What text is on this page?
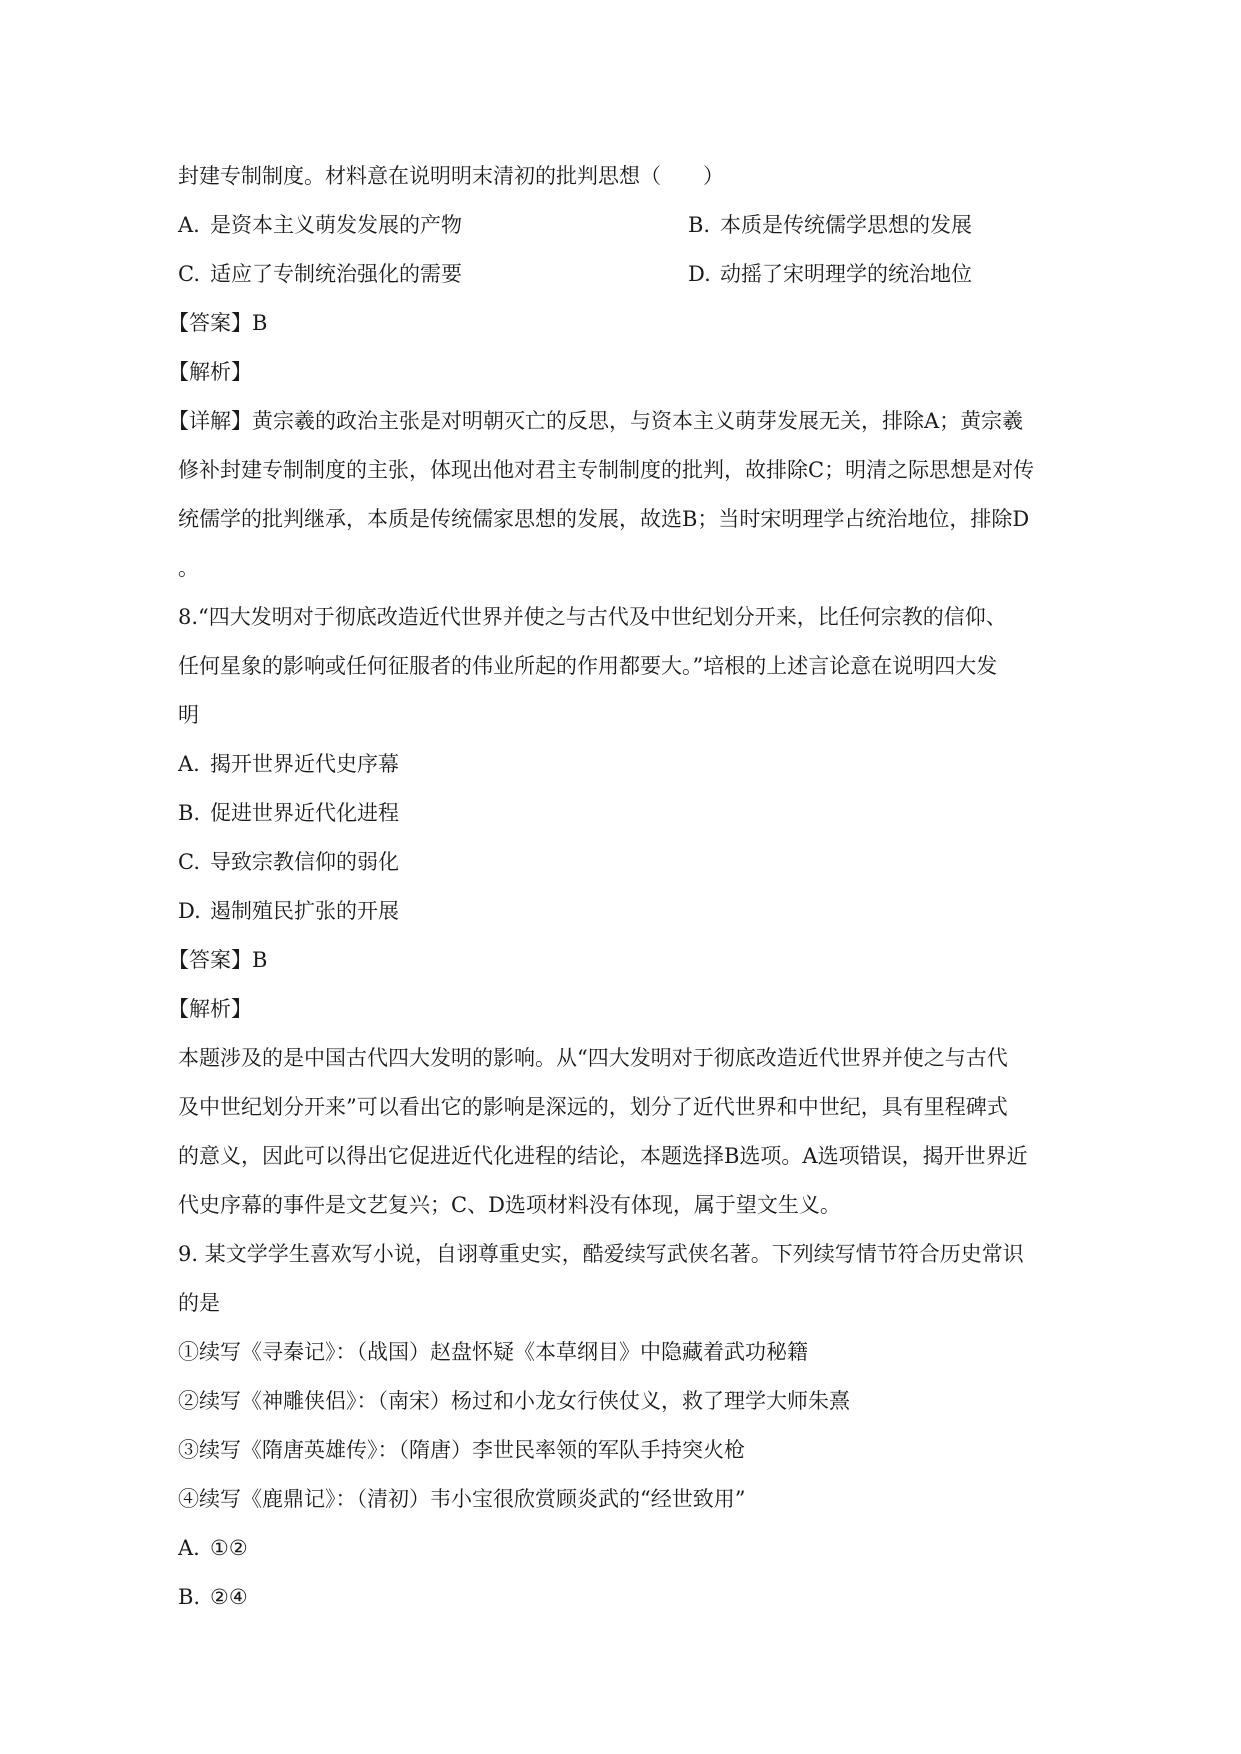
封建专制制度。材料意在说明明末清初的批判思想（　　）
A. 是资本主义萌发发展的产物	B. 本质是传统儒学思想的发展
C. 适应了专制统治强化的需要	D. 动摇了宋明理学的统治地位
【答案】B
【解析】
【详解】黄宗羲的政治主张是对明朝灭亡的反思，与资本主义萌芽发展无关，排除A；黄宗羲
修补封建专制制度的主张，体现出他对君主专制制度的批判，故排除C；明清之际思想是对传
统儒学的批判继承，本质是传统儒家思想的发展，故选B；当时宋明理学占统治地位，排除D
。
8.“四大发明对于彻底改造近代世界并使之与古代及中世纪划分开来，比任何宗教的信仰、
任何星象的影响或任何征服者的伟业所起的作用都要大。”培根的上述言论意在说明四大发
明
A. 揭开世界近代史序幕
B. 促进世界近代化进程
C. 导致宗教信仰的弱化
D. 遏制殖民扩张的开展
【答案】B
【解析】
本题涉及的是中国古代四大发明的影响。从“四大发明对于彻底改造近代世界并使之与古代
及中世纪划分开来”可以看出它的影响是深远的，划分了近代世界和中世纪，具有里程碑式
的意义，因此可以得出它促进近代化进程的结论，本题选择B选项。A选项错误，揭开世界近
代史序幕的事件是文艺复兴；C、D选项材料没有体现，属于望文生义。
9. 某文学学生喜欢写小说，自诩尊重史实，酷爱续写武侠名著。下列续写情节符合历史常识
的是
①续写《寻秦记》：（战国）赵盘怀疑《本草纲目》中隐藏着武功秘籍
②续写《神雕侠侣》：（南宋）杨过和小龙女行侠仗义，救了理学大师朱熹
③续写《隋唐英雄传》：（隋唐）李世民率领的军队手持突火枪
④续写《鹿鼎记》：（清初）韦小宝很欣赏顾炎武的“经世致用”
A. ①②
B. ②④
